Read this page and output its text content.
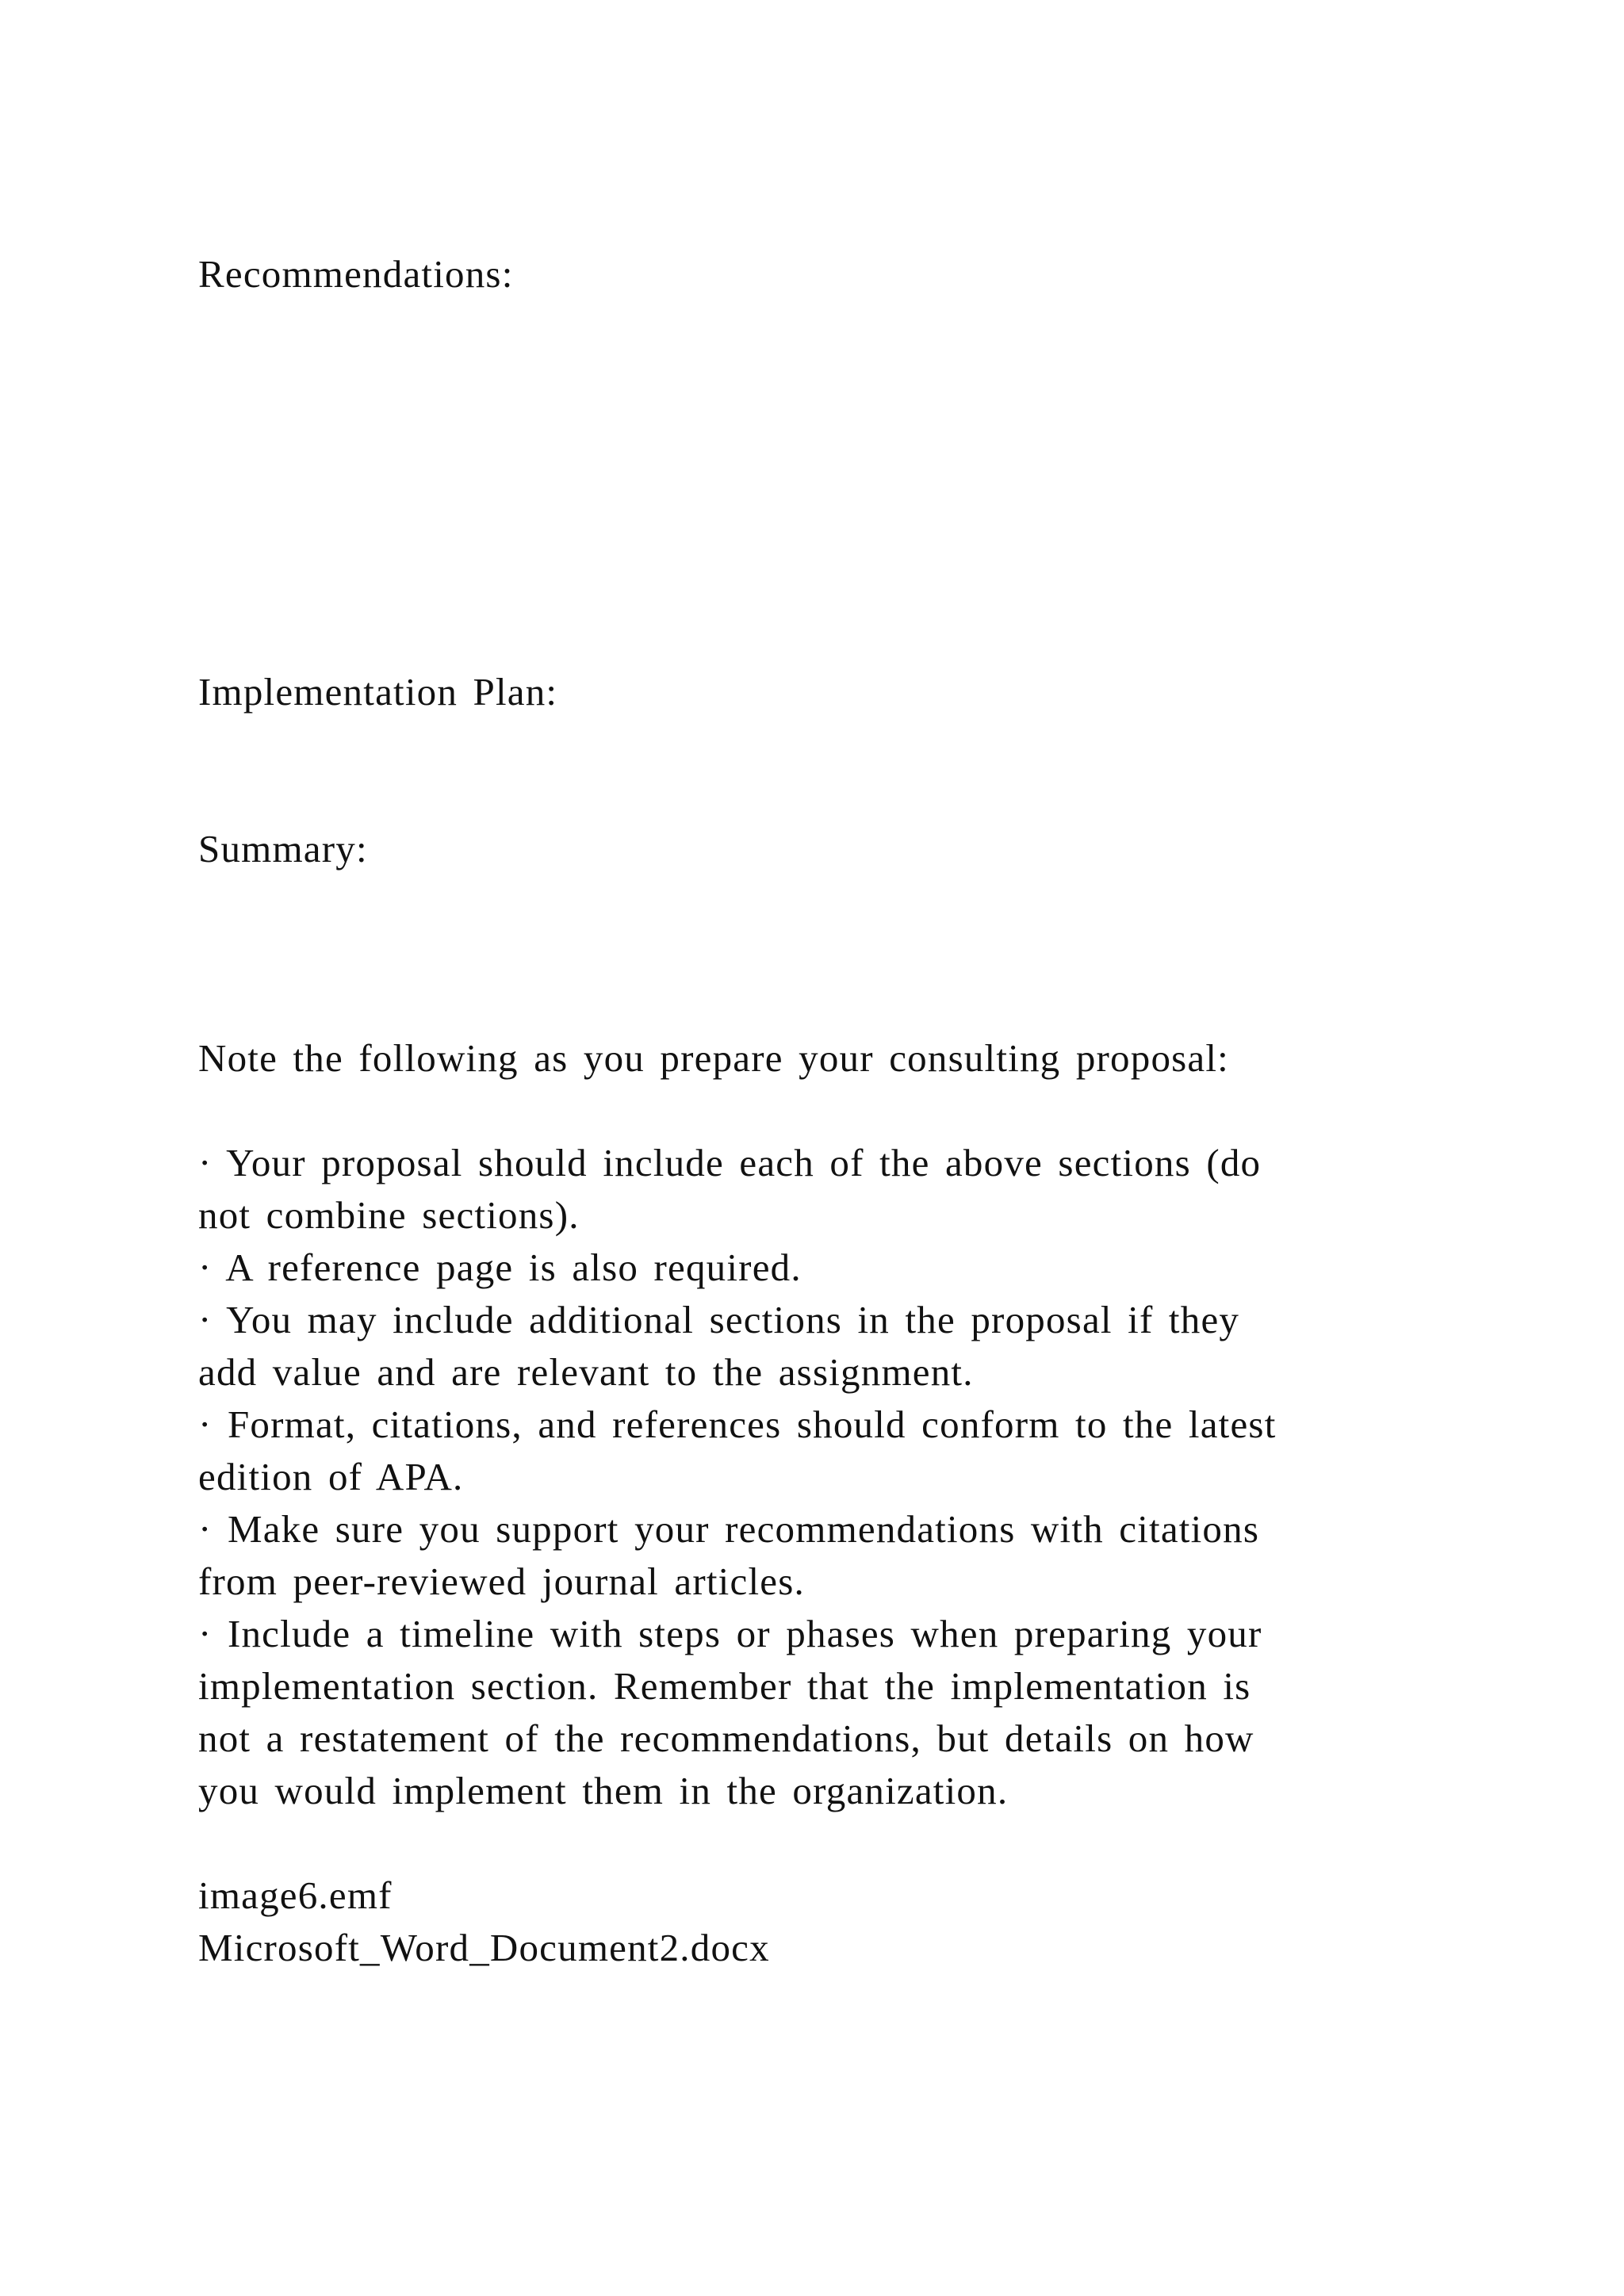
Recommendations:
Implementation Plan:
Summary:
Note the following as you prepare your consulting proposal:
· Your proposal should include each of the above sections (do
not combine sections).
· A reference page is also required.
· You may include additional sections in the proposal if they
add value and are relevant to the assignment.
· Format, citations, and references should conform to the latest
edition of APA.
· Make sure you support your recommendations with citations
from peer-reviewed journal articles.
· Include a timeline with steps or phases when preparing your
implementation section. Remember that the implementation is
not a restatement of the recommendations, but details on how
you would implement them in the organization.
image6.emf
Microsoft_Word_Document2.docx
